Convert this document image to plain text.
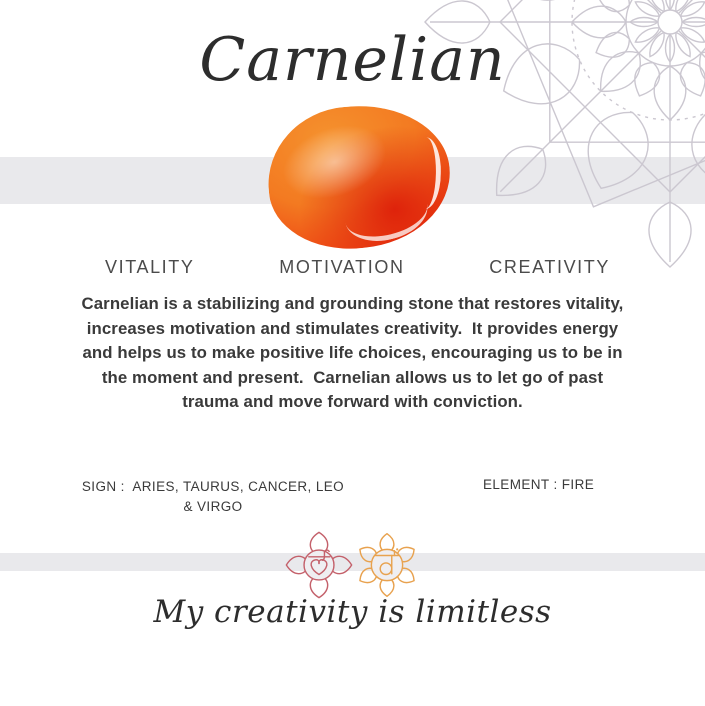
Carnelian
VITALITY	MOTIVATION	CREATIVITY

Carnelian is a stabilizing and grounding stone that restores vitality, increases motivation and stimulates creativity.  It provides energy and helps us to make positive life choices, encouraging us to be in the moment and present.  Carnelian allows us to let go of past trauma and move forward with conviction.

SIGN :  ARIES, TAURUS, CANCER, LEO & VIRGO
ELEMENT : FIRE
My creativity is limitless
